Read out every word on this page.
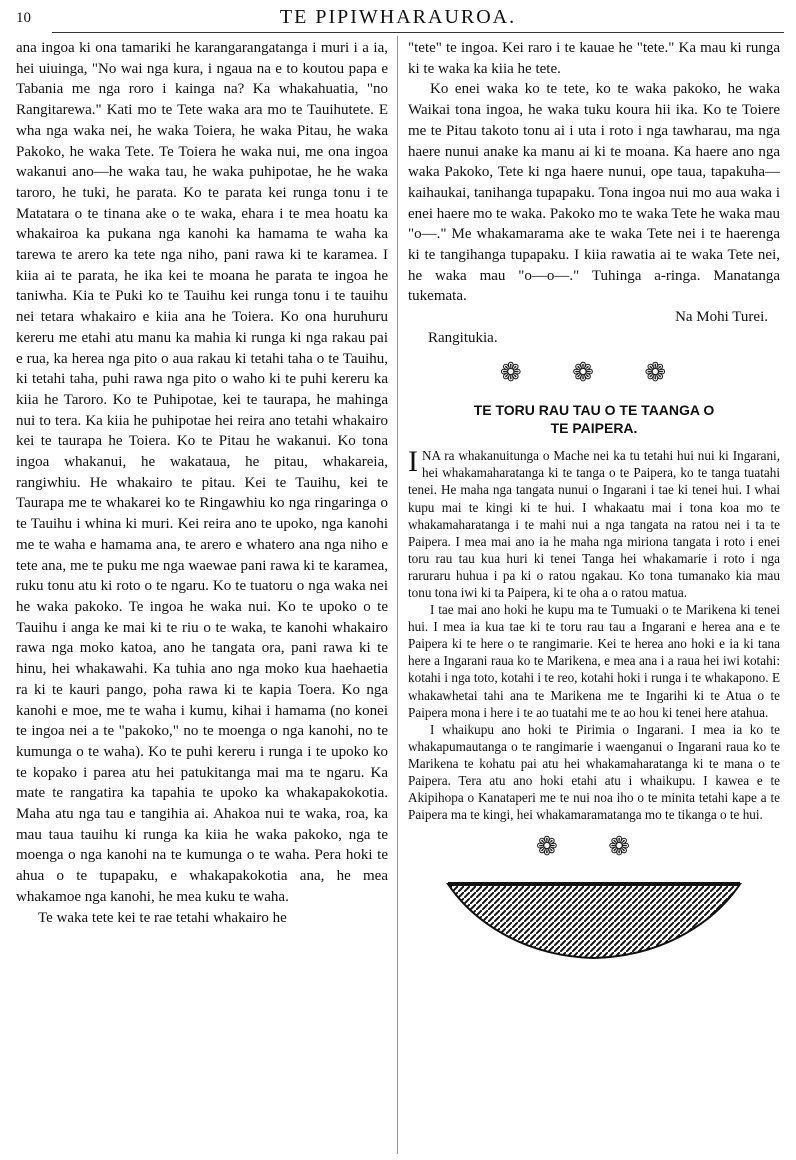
10	TE PIPIWHARAUROA.

ana ingoa ki ona tamariki he karangarangatanga i muri i a ia, hei uiuinga, "No wai nga kura, i ngaua na e to koutou papa e Tabania me nga roro i kainga na? Ka whakahuatia, "no Rangitarewa." Kati mo te Tete waka ara mo te Tauihutete. E wha nga waka nei, he waka Toiera, he waka Pitau, he waka Pakoko, he waka Tete. Te Toiera he waka nui, me ona ingoa wakanui ano—he waka tau, he waka puhipotae, he he waka taroro, he tuki, he parata. Ko te parata kei runga tonu i te Matatara o te tinana ake o te waka, ehara i te mea hoatu ka whakairoa ka pukana nga kanohi ka hamama te waha ka tarewa te arero ka tete nga niho, pani rawa ki te karamea. I kiia ai te parata, he ika kei te moana he parata te ingoa he taniwha. Kia te Puki ko te Tauihu kei runga tonu i te tauihu nei tetara whakairo e kiia ana he Toiera. Ko ona huruhuru kereru me etahi atu manu ka mahia ki runga ki nga rakau pai e rua, ka herea nga pito o aua rakau ki tetahi taha o te Tauihu, ki tetahi taha, puhi rawa nga pito o waho ki te puhi kereru ka kiia he Taroro. Ko te Puhipotae, kei te taurapa, he mahinga nui to tera. Ka kiia he puhipotae hei reira ano tetahi whakairo kei te taurapa he Toiera. Ko te Pitau he wakanui. Ko tona ingoa whakanui, he wakataua, he pitau, whakareia, rangiwhiu. He whakairo te pitau. Kei te Tauihu, kei te Taurapa me te whakarei ko te Ringawhiu ko nga ringaringa o te Tauihu i whina ki muri. Kei reira ano te upoko, nga kanohi me te waha e hamama ana, te arero e whatero ana nga niho e tete ana, me te puku me nga waewae pani rawa ki te karamea, ruku tonu atu ki roto o te ngaru. Ko te tuatoru o nga waka nei he waka pakoko. Te ingoa he waka nui. Ko te upoko o te Tauihu i anga ke mai ki te riu o te waka, te kanohi whakairo rawa nga moko katoa, ano he tangata ora, pani rawa ki te hinu, hei whakawahi. Ka tuhia ano nga moko kua haehaetia ra ki te kauri pango, poha rawa ki te kapia Toera. Ko nga kanohi e moe, me te waha i kumu, kihai i hamama (no konei te ingoa nei a te "pakoko," no te moenga o nga kanohi, no te kumunga o te waha). Ko te puhi kereru i runga i te upoko ko te kopako i parea atu hei patukitanga mai ma te ngaru. Ka mate te rangatira ka tapahia te upoko ka whakapakokotia. Maha atu nga tau e tangihia ai. Ahakoa nui te waka, roa, ka mau taua tauihu ki runga ka kiia he waka pakoko, nga te moenga o nga kanohi na te kumunga o te waha. Pera hoki te ahua o te tupapaku, e whakapakokotia ana, he mea whakamoe nga kanohi, he mea kuku te waha.

Te waka tete kei te rae tetahi whakairo he

"tete" te ingoa. Kei raro i te kauae he "tete." Ka mau ki runga ki te waka ka kiia he tete.

Ko enei waka ko te tete, ko te waka pakoko, he waka Waikai tona ingoa, he waka tuku koura hii ika. Ko te Toiere me te Pitau takoto tonu ai i uta i roto i nga tawharau, ma nga haere nunui anake ka manu ai ki te moana. Ka haere ano nga waka Pakoko, Tete ki nga haere nunui, ope taua, tapakuha—kaihaukai, tanihanga tupapaku. Tona ingoa nui mo aua waka i enei haere mo te waka. Pakoko mo te waka Tete he waka mau "o—." Me whakamarama ake te waka Tete nei i te haerenga ki te tangihanga tupapaku. I kiia rawatia ai te waka Tete nei, he waka mau "o—o—." Tuhinga a-ringa. Manatanga tukemata.

Na Mohi Turei.

Rangitukia.

❁ ❁ ❁
TE TORU RAU TAU O TE TAANGA O
TE PAIPERA.

INA ra whakanuitunga o Mache nei ka tu tetahi hui nui ki Ingarani, hei whakamaharatanga ki te tanga o te Paipera, ko te tanga tuatahi tenei. He maha nga tangata nunui o Ingarani i tae ki tenei hui. I whai kupu mai te kingi ki te hui. I whakaatu mai i tona koa mo te whakamaharatanga i te mahi nui a nga tangata na ratou nei i ta te Paipera. I mea mai ano ia he maha nga miriona tangata i roto i enei toru rau tau kua huri ki tenei Tanga hei whakamarie i roto i nga raruraru huhua i pa ki o ratou ngakau. Ko tona tumanako kia mau tonu tona iwi ki ta Paipera, ki te oha a o ratou matua.

I tae mai ano hoki he kupu ma te Tumuaki o te Marikena ki tenei hui. I mea ia kua tae ki te toru rau tau a Ingarani e herea ana e te Paipera ki te here o te rangimarie. Kei te herea ano hoki e ia ki tana here a Ingarani raua ko te Marikena, e mea ana i a raua hei iwi kotahi: kotahi i nga toto, kotahi i te reo, kotahi hoki i runga i te whakapono. E whakawhetai tahi ana te Marikena me te Ingarihi ki te Atua o te Paipera mona i here i te ao tuatahi me te ao hou ki tenei here atahua.

I whaikupu ano hoki te Pirimia o Ingarani. I mea ia ko te whakapumautanga o te rangimarie i waenganui o Ingarani raua ko te Marikena te kohatu pai atu hei whakamaharatanga ki te mana o te Paipera. Tera atu ano hoki etahi atu i whaikupu. I kawea e te Akipihopa o Kanataperi me te nui noa iho o te minita tetahi kape a te Paipera ma te kingi, hei whakamaramatanga mo te tikanga o te hui.

❁ ❁
